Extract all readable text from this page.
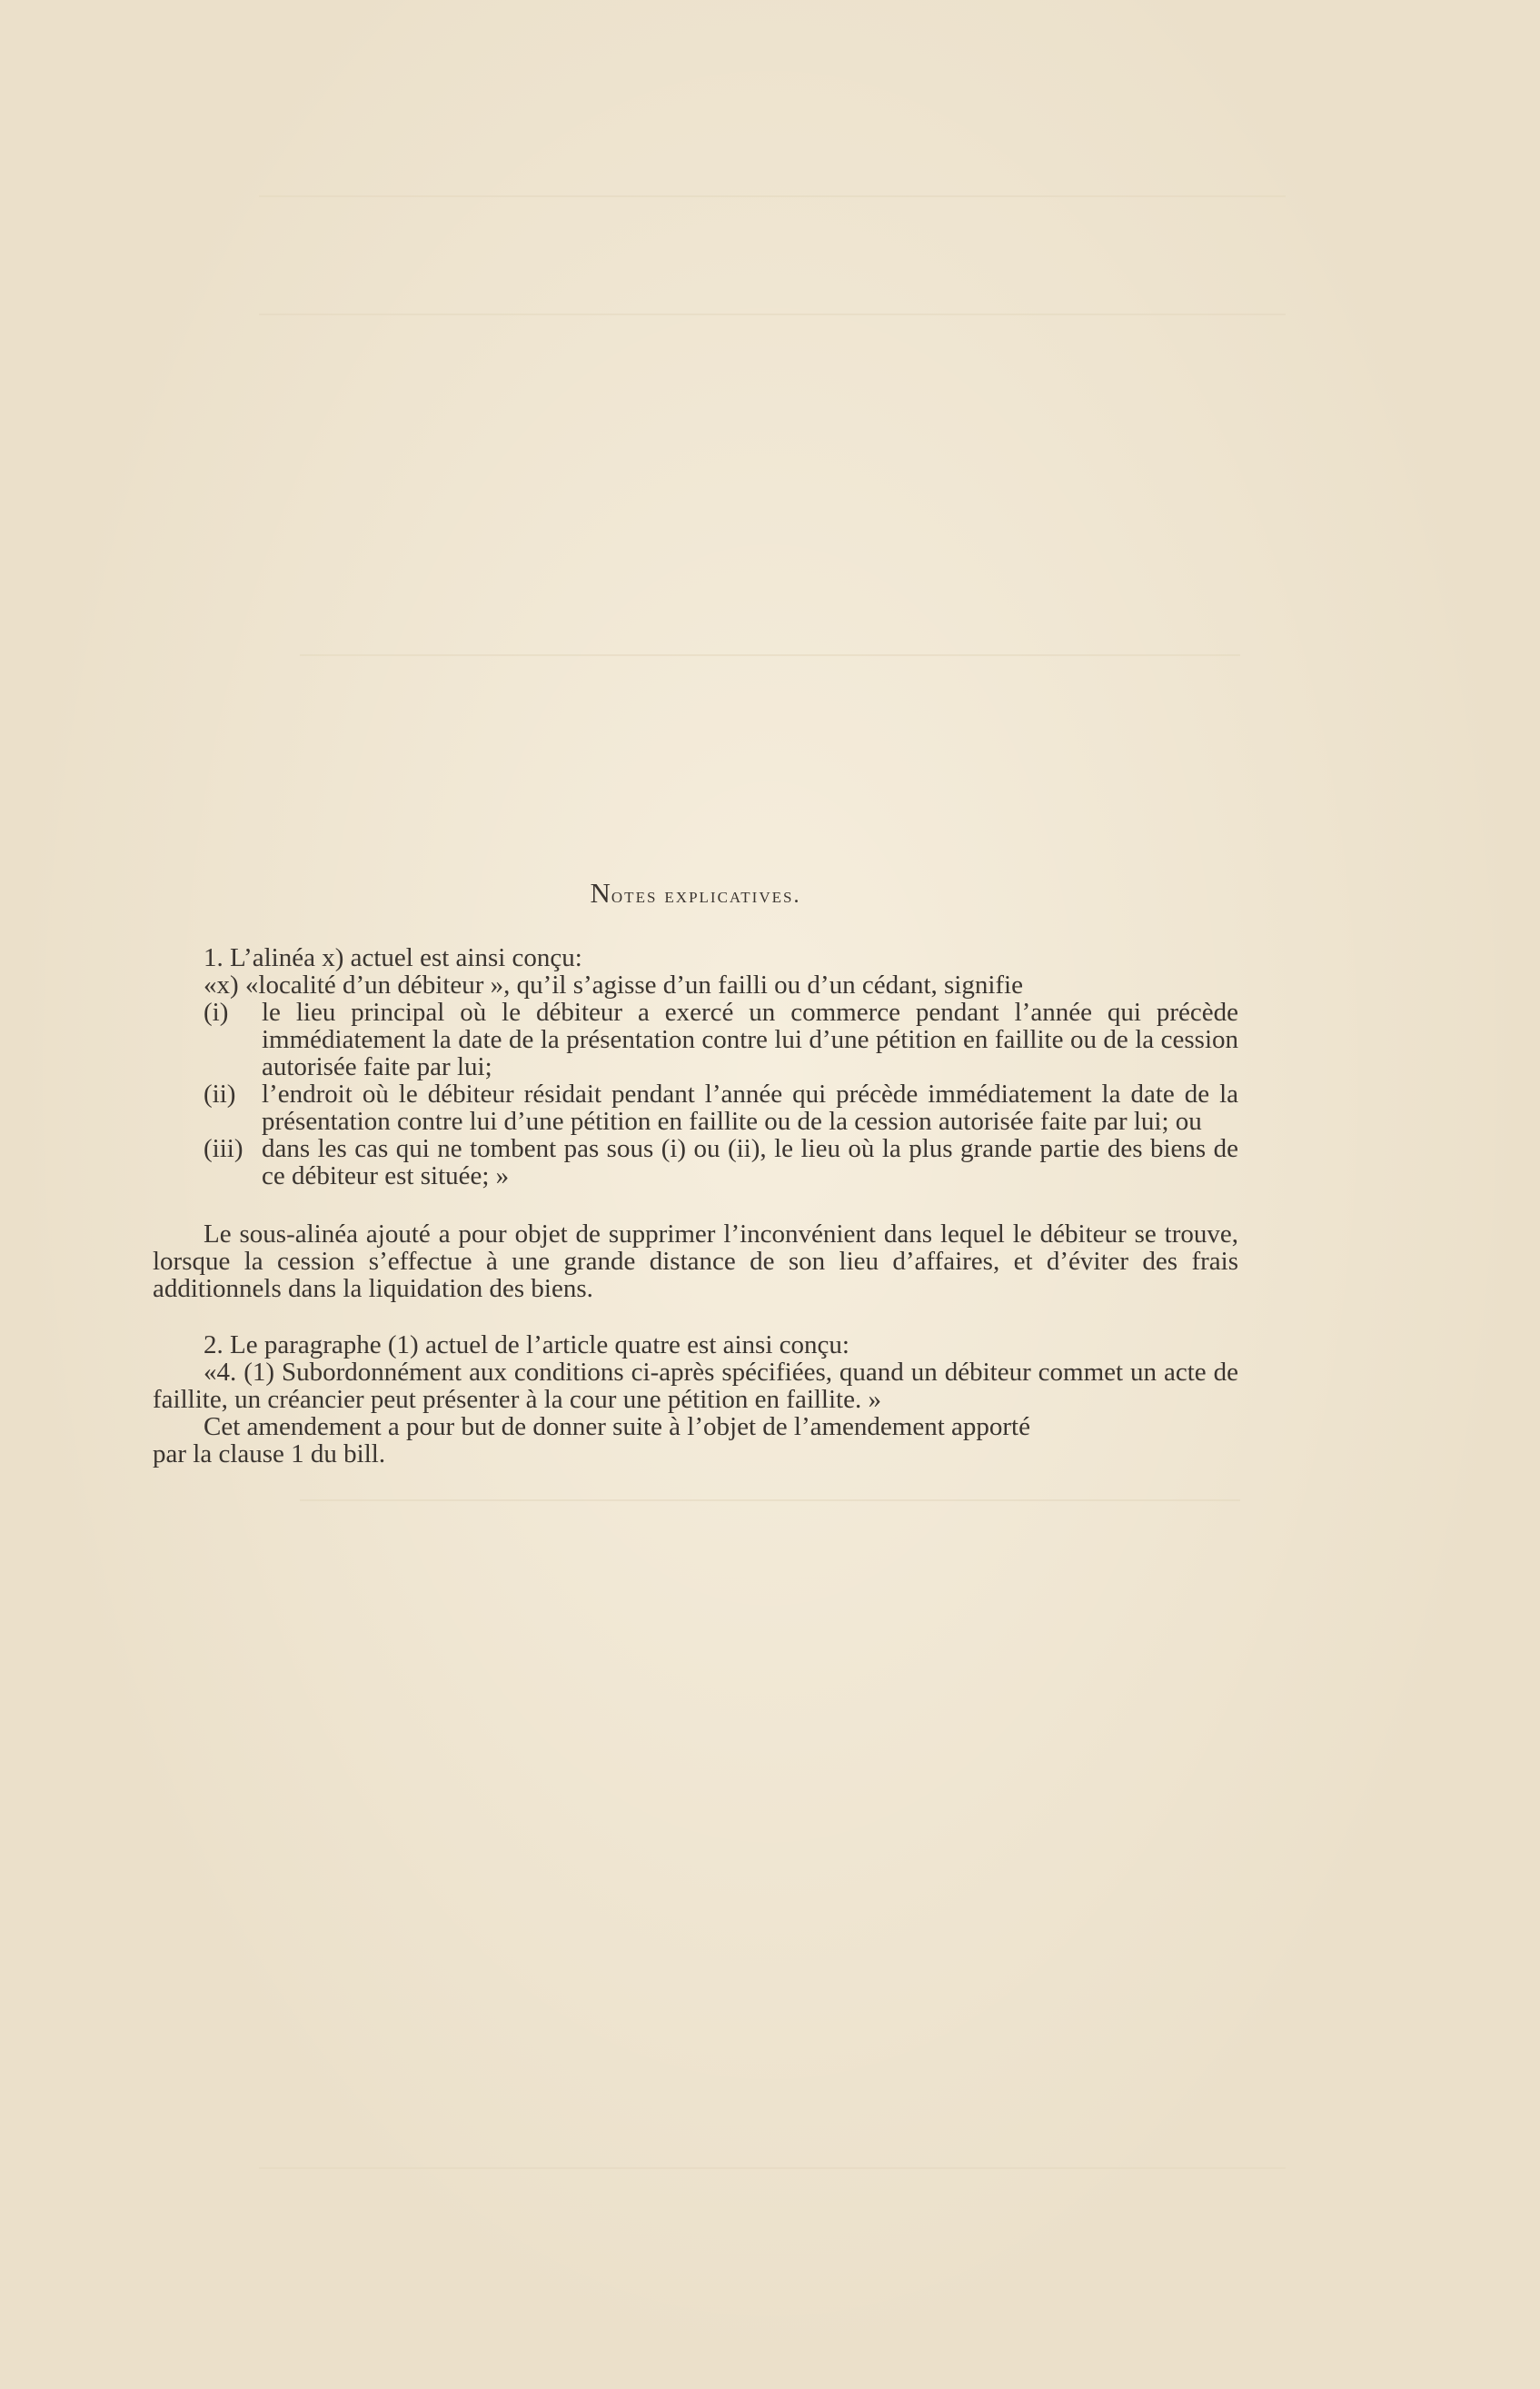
Notes explicatives.

1. L’alinéa x) actuel est ainsi conçu:

«x) «localité d’un débiteur », qu’il s’agisse d’un failli ou d’un cédant, signifie

(i) le lieu principal où le débiteur a exercé un commerce pendant l’année qui précède immédiatement la date de la présentation contre lui d’une pétition en faillite ou de la cession autorisée faite par lui;

(ii) l’endroit où le débiteur résidait pendant l’année qui précède immédiatement la date de la présentation contre lui d’une pétition en faillite ou de la cession autorisée faite par lui; ou

(iii) dans les cas qui ne tombent pas sous (i) ou (ii), le lieu où la plus grande partie des biens de ce débiteur est située; »

Le sous-alinéa ajouté a pour objet de supprimer l’inconvénient dans lequel le débiteur se trouve, lorsque la cession s’effectue à une grande distance de son lieu d’affaires, et d’éviter des frais additionnels dans la liquidation des biens.

2. Le paragraphe (1) actuel de l’article quatre est ainsi conçu:

«4. (1) Subordonnément aux conditions ci-après spécifiées, quand un débiteur commet un acte de faillite, un créancier peut présenter à la cour une pétition en faillite. »

Cet amendement a pour but de donner suite à l’objet de l’amendement apporté

par la clause 1 du bill.
